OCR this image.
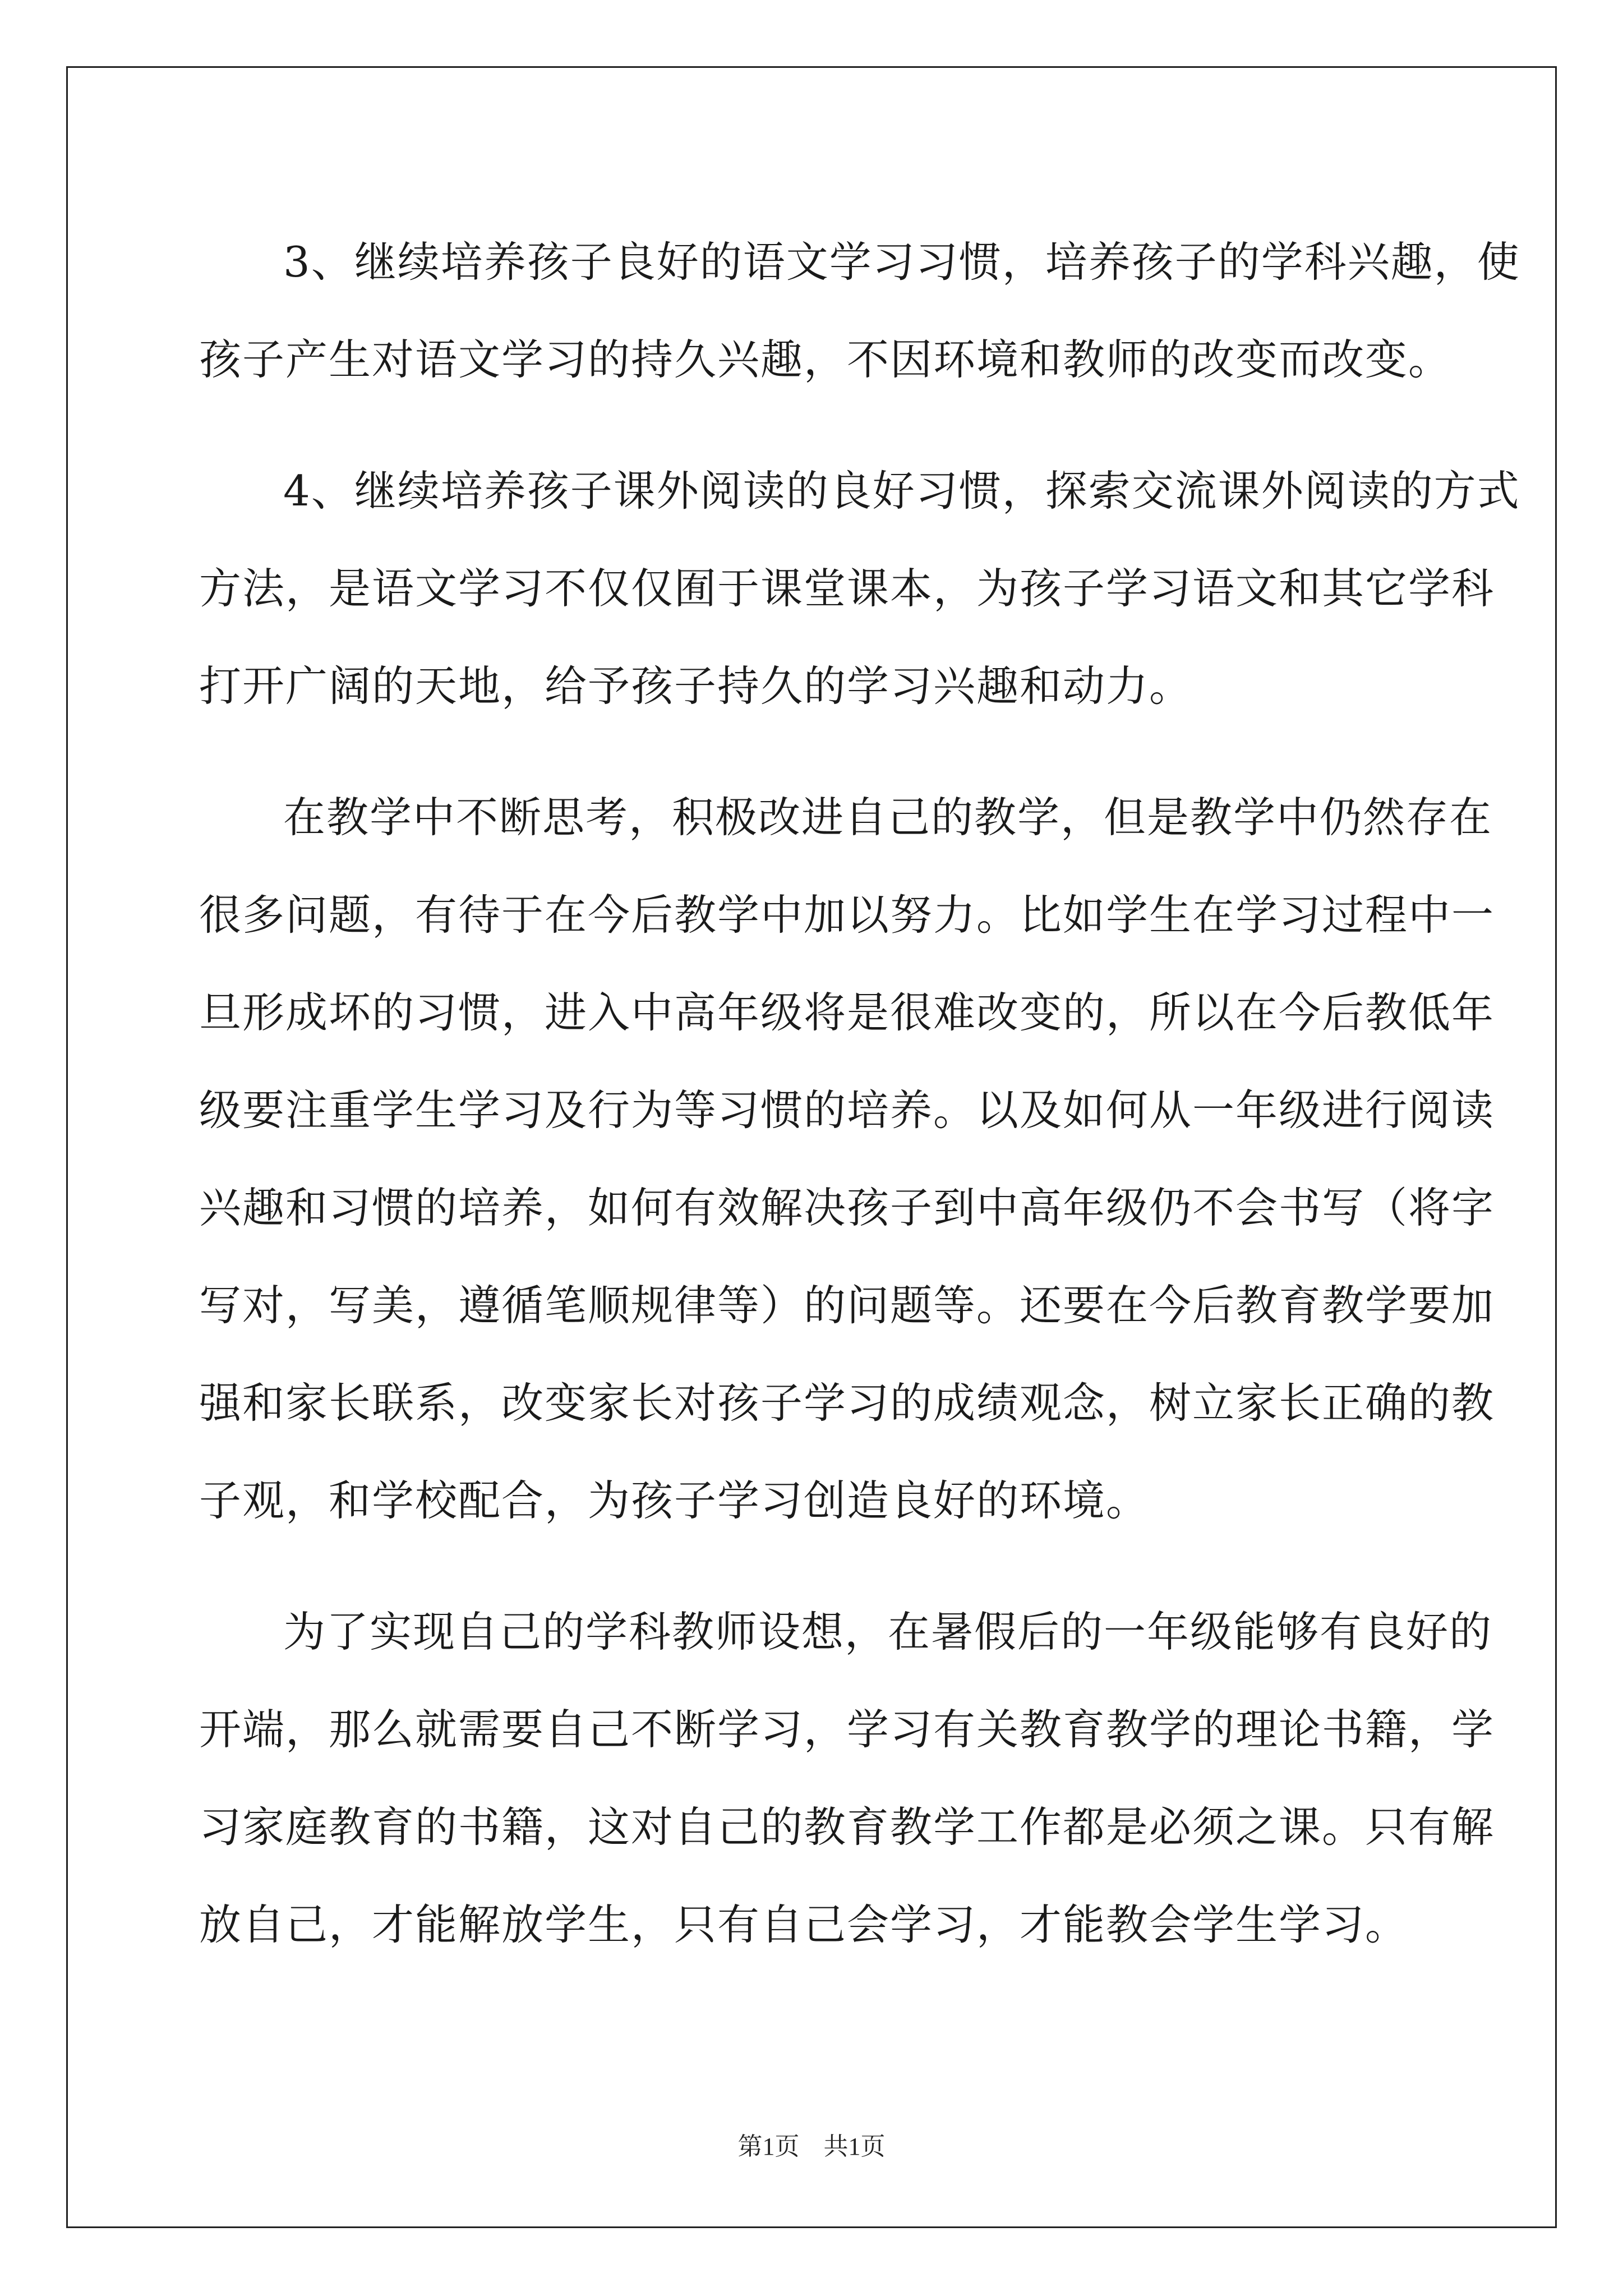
3、继续培养孩子良好的语文学习习惯，培养孩子的学科兴趣，使
孩子产生对语文学习的持久兴趣，不因环境和教师的改变而改变。
4、继续培养孩子课外阅读的良好习惯，探索交流课外阅读的方式
方法，是语文学习不仅仅囿于课堂课本，为孩子学习语文和其它学科
打开广阔的天地，给予孩子持久的学习兴趣和动力。
在教学中不断思考，积极改进自己的教学，但是教学中仍然存在
很多问题，有待于在今后教学中加以努力。比如学生在学习过程中一
旦形成坏的习惯，进入中高年级将是很难改变的，所以在今后教低年
级要注重学生学习及行为等习惯的培养。以及如何从一年级进行阅读
兴趣和习惯的培养，如何有效解决孩子到中高年级仍不会书写（将字
写对，写美，遵循笔顺规律等）的问题等。还要在今后教育教学要加
强和家长联系，改变家长对孩子学习的成绩观念，树立家长正确的教
子观，和学校配合，为孩子学习创造良好的环境。
为了实现自己的学科教师设想，在暑假后的一年级能够有良好的
开端，那么就需要自己不断学习，学习有关教育教学的理论书籍，学
习家庭教育的书籍，这对自己的教育教学工作都是必须之课。只有解
放自己，才能解放学生，只有自己会学习，才能教会学生学习。
第1页 共1页
